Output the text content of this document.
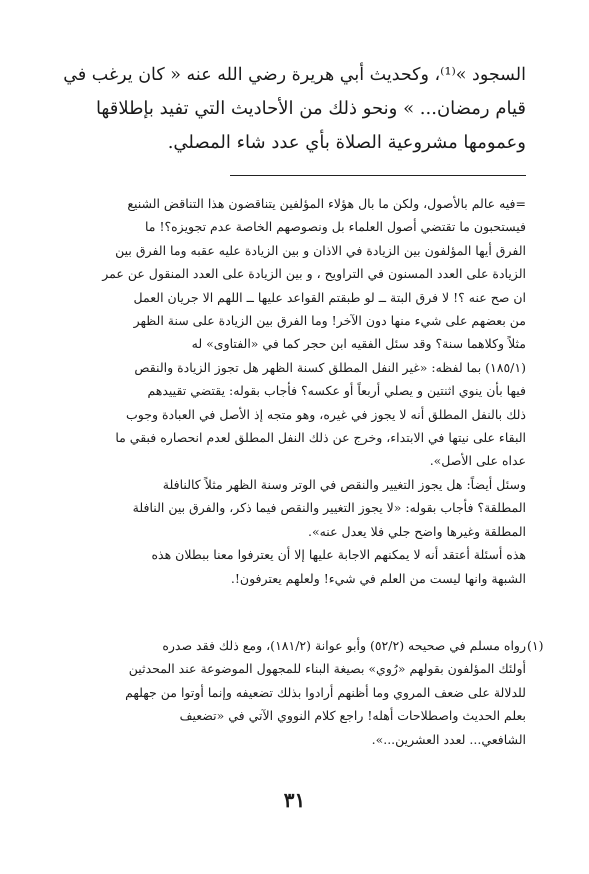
السجود »⁽¹⁾، وكحديث أبي هريرة رضي الله عنه « كان يرغب في
قيام رمضان... » ونحو ذلك من الأحاديث التي تفيد بإطلاقها
وعمومها مشروعية الصلاة بأي عدد شاء المصلي.
=فيه عالم بالأصول، ولكن ما بال هؤلاء المؤلفين يتناقضون هذا التناقض الشنيع
فيستحبون ما تقتضي أصول العلماء بل ونصوصهم الخاصة عدم تجويزه؟! ما
الفرق أيها المؤلفون بين الزيادة في الاذان و بين الزيادة عليه عقبه وما الفرق بين
الزيادة على العدد المسنون في التراويح ، و بين الزيادة على العدد المنقول عن عمر
ان صح عنه ؟! لا فرق البتة ــ لو طبقتم القواعد عليها ــ اللهم الا جريان العمل
من بعضهم على شيء منها دون الآخر! وما الفرق بين الزيادة على سنة الظهر
مثلاً وكلاهما سنة؟ وقد سئل الفقيه ابن حجر كما في «الفتاوى» له
(١٨٥/١) بما لفظه: «غير النفل المطلق كسنة الظهر هل تجوز الزيادة والنقص
فيها بأن ينوي اثنتين و يصلي أربعاً أو عكسه؟ فأجاب بقوله: يقتضي تقييدهم
ذلك بالنفل المطلق أنه لا يجوز في غيره، وهو متجه إذ الأصل في العبادة وجوب
البقاء على نيتها في الابتداء، وخرج عن ذلك النفل المطلق لعدم انحصاره فبقي ما
عداه على الأصل».
وسئل أيضاً: هل يجوز التغيير والنقص في الوتر وسنة الظهر مثلاً كالنافلة
المطلقة؟ فأجاب بقوله: «لا يجوز التغيير والنقص فيما ذكر، والفرق بين النافلة
المطلقة وغيرها واضح جلي فلا يعدل عنه».
هذه أسئلة أعتقد أنه لا يمكنهم الاجابة عليها إلا أن يعترفوا معنا ببطلان هذه
الشبهة وانها ليست من العلم في شيء! ولعلهم يعترفون!.
(١)
رواه مسلم في صحيحه (٥٢/٢) وأبو عوانة (١٨١/٢)، ومع ذلك فقد صدره
أولئك المؤلفون بقولهم «رُوي» بصيغة البناء للمجهول الموضوعة عند المحدثين
للدلالة على ضعف المروي وما أظنهم أرادوا بذلك تضعيفه وإنما أوتوا من جهلهم
بعلم الحديث واصطلاحات أهله! راجع كلام النووي الآتي في «تضعيف
الشافعي... لعدد العشرين...».
٣١
